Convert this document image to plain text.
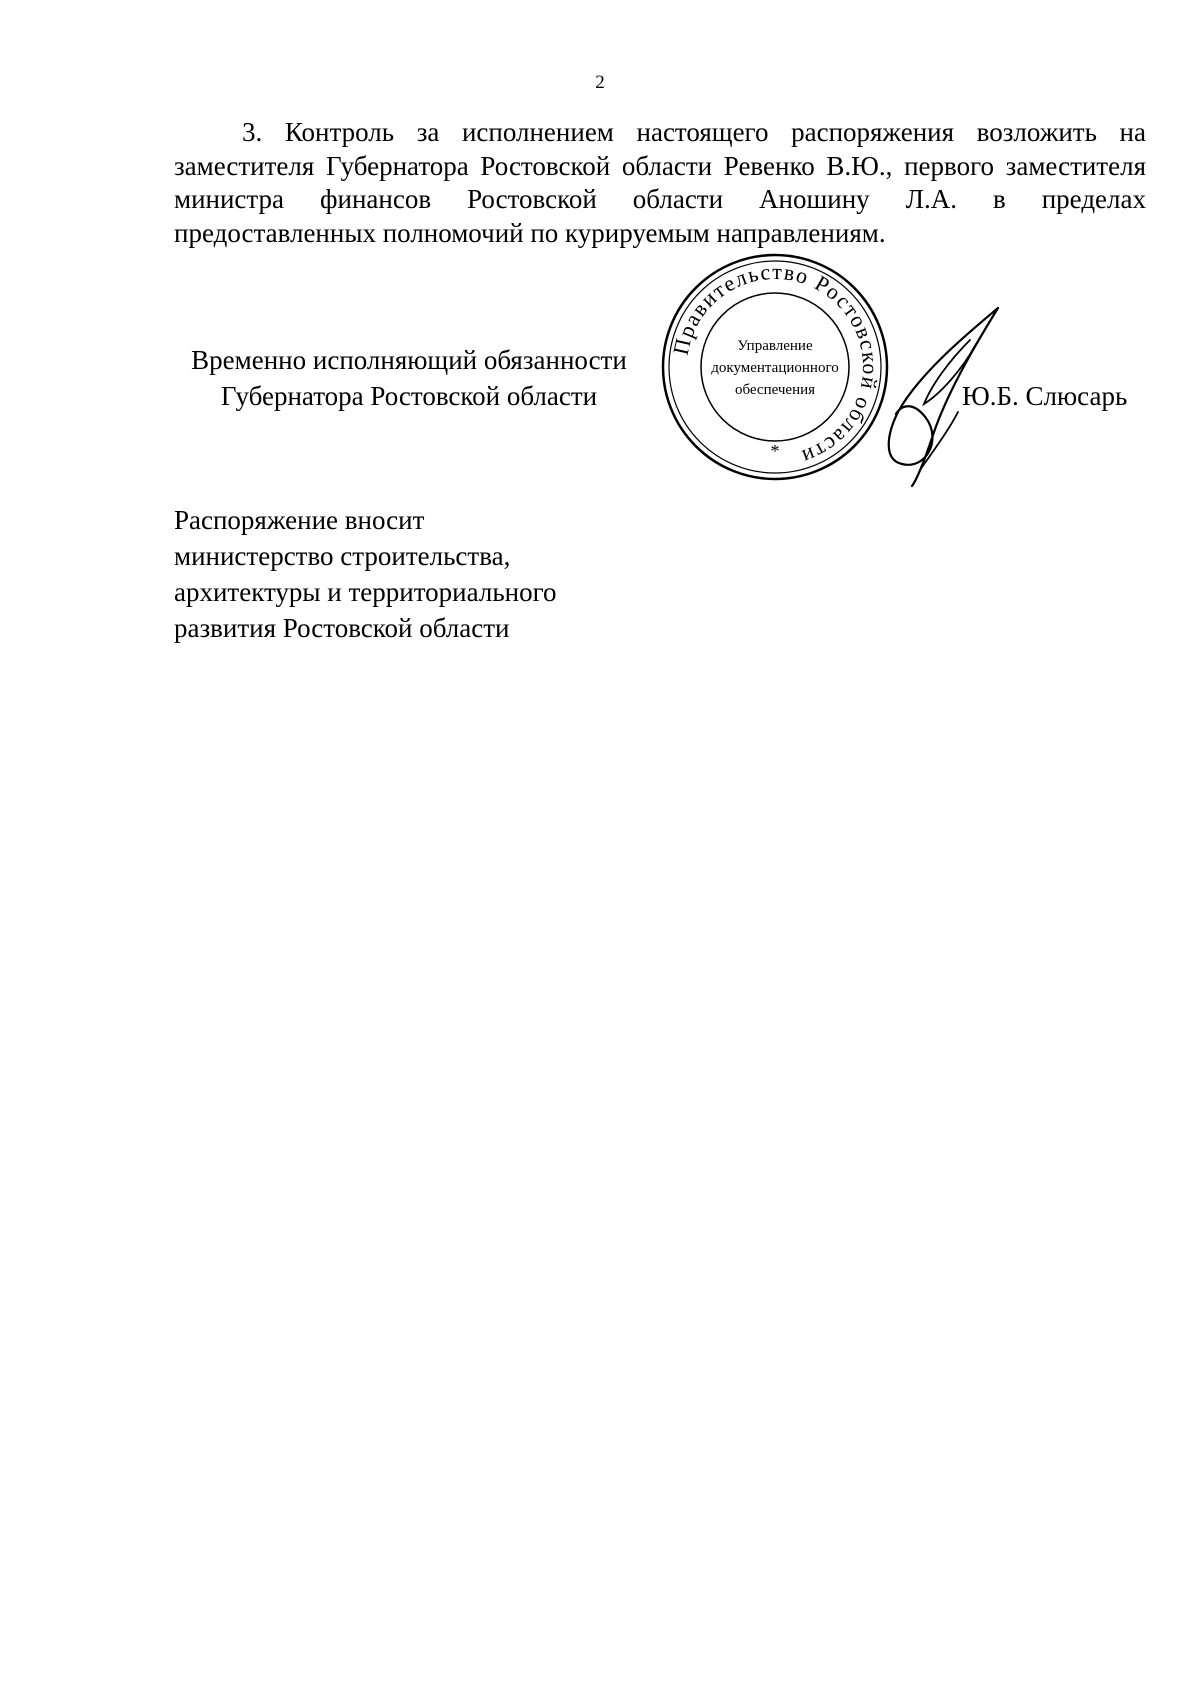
2
3. Контроль за исполнением настоящего распоряжения возложить на заместителя Губернатора Ростовской области Ревенко В.Ю., первого заместителя министра финансов Ростовской области Аношину Л.А. в пределах предоставленных полномочий по курируемым направлениям.
Временно исполняющий обязанности
Губернатора Ростовской области
Правительство Ростовской области
Управление
документационного
обеспечения
*
Ю.Б. Слюсарь
Распоряжение вносит
министерство строительства,
архитектуры и территориального
развития Ростовской области
